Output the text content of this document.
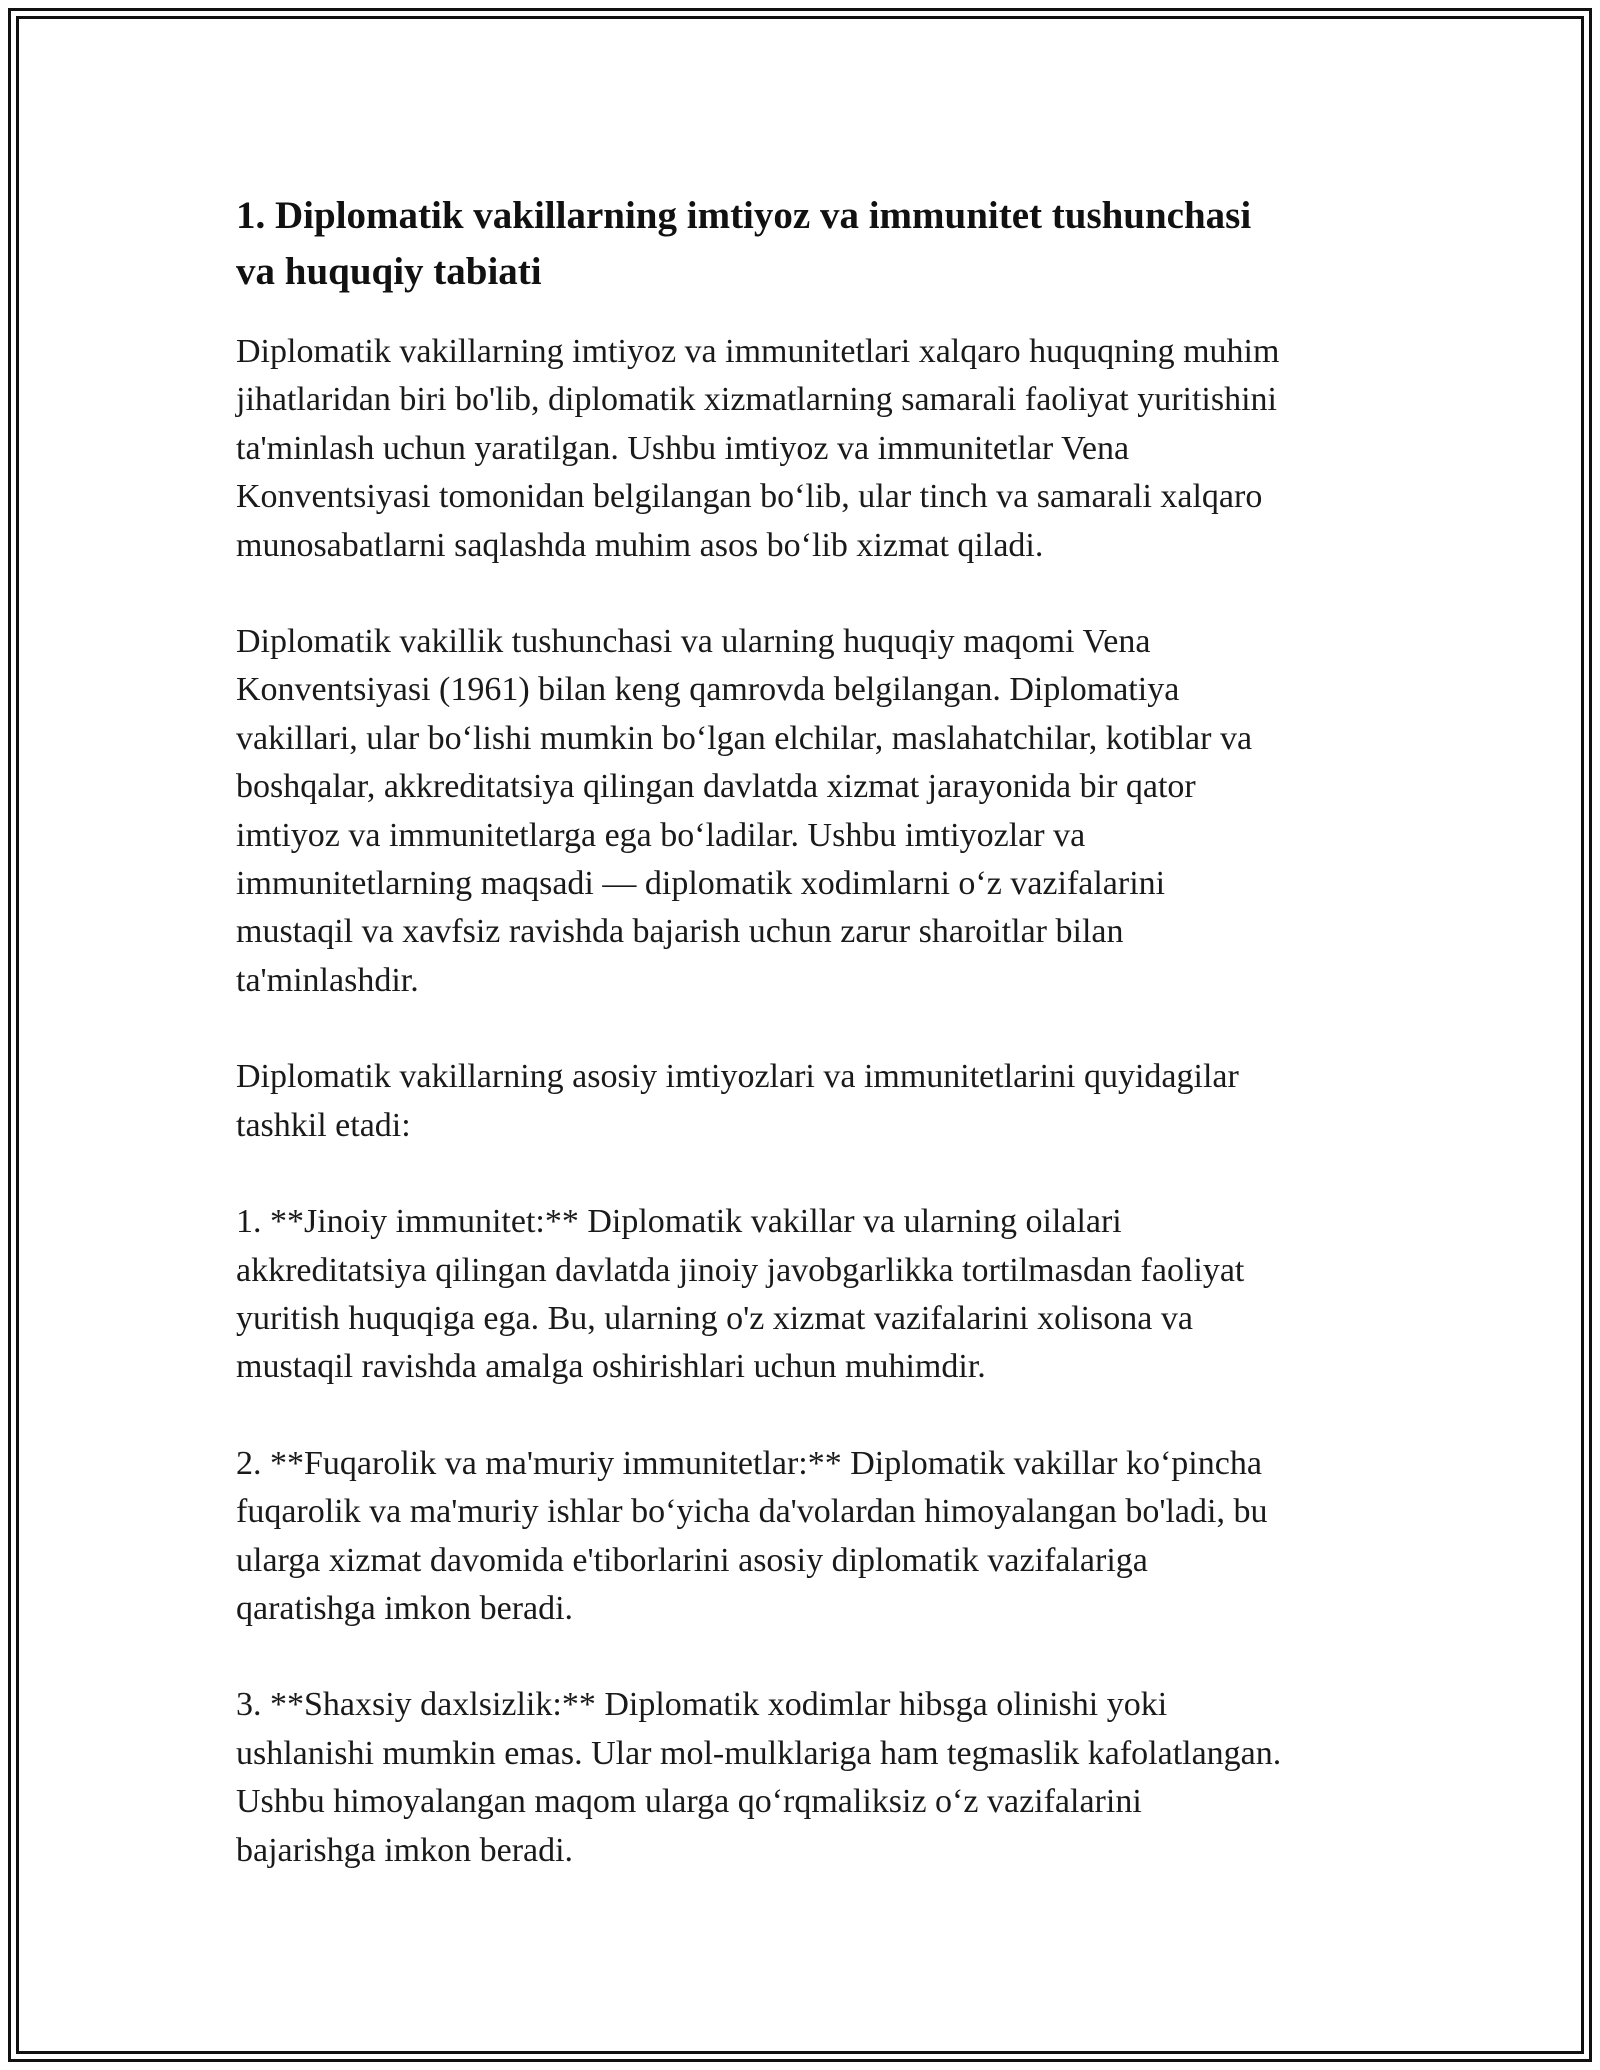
1. Diplomatik vakillarning imtiyoz va immunitet tushunchasi
va huquqiy tabiati

Diplomatik vakillarning imtiyoz va immunitetlari xalqaro huquqning muhim
jihatlaridan biri bo'lib, diplomatik xizmatlarning samarali faoliyat yuritishini
ta'minlash uchun yaratilgan. Ushbu imtiyoz va immunitetlar Vena
Konventsiyasi tomonidan belgilangan bo‘lib, ular tinch va samarali xalqaro
munosabatlarni saqlashda muhim asos bo‘lib xizmat qiladi.

Diplomatik vakillik tushunchasi va ularning huquqiy maqomi Vena
Konventsiyasi (1961) bilan keng qamrovda belgilangan. Diplomatiya
vakillari, ular bo‘lishi mumkin bo‘lgan elchilar, maslahatchilar, kotiblar va
boshqalar, akkreditatsiya qilingan davlatda xizmat jarayonida bir qator
imtiyoz va immunitetlarga ega bo‘ladilar. Ushbu imtiyozlar va
immunitetlarning maqsadi — diplomatik xodimlarni o‘z vazifalarini
mustaqil va xavfsiz ravishda bajarish uchun zarur sharoitlar bilan
ta'minlashdir.

Diplomatik vakillarning asosiy imtiyozlari va immunitetlarini quyidagilar
tashkil etadi:

1. **Jinoiy immunitet:** Diplomatik vakillar va ularning oilalari
akkreditatsiya qilingan davlatda jinoiy javobgarlikka tortilmasdan faoliyat
yuritish huquqiga ega. Bu, ularning o'z xizmat vazifalarini xolisona va
mustaqil ravishda amalga oshirishlari uchun muhimdir.

2. **Fuqarolik va ma'muriy immunitetlar:** Diplomatik vakillar ko‘pincha
fuqarolik va ma'muriy ishlar bo‘yicha da'volardan himoyalangan bo'ladi, bu
ularga xizmat davomida e'tiborlarini asosiy diplomatik vazifalariga
qaratishga imkon beradi.

3. **Shaxsiy daxlsizlik:** Diplomatik xodimlar hibsga olinishi yoki
ushlanishi mumkin emas. Ular mol-mulklariga ham tegmaslik kafolatlangan.
Ushbu himoyalangan maqom ularga qo‘rqmaliksiz o‘z vazifalarini
bajarishga imkon beradi.
